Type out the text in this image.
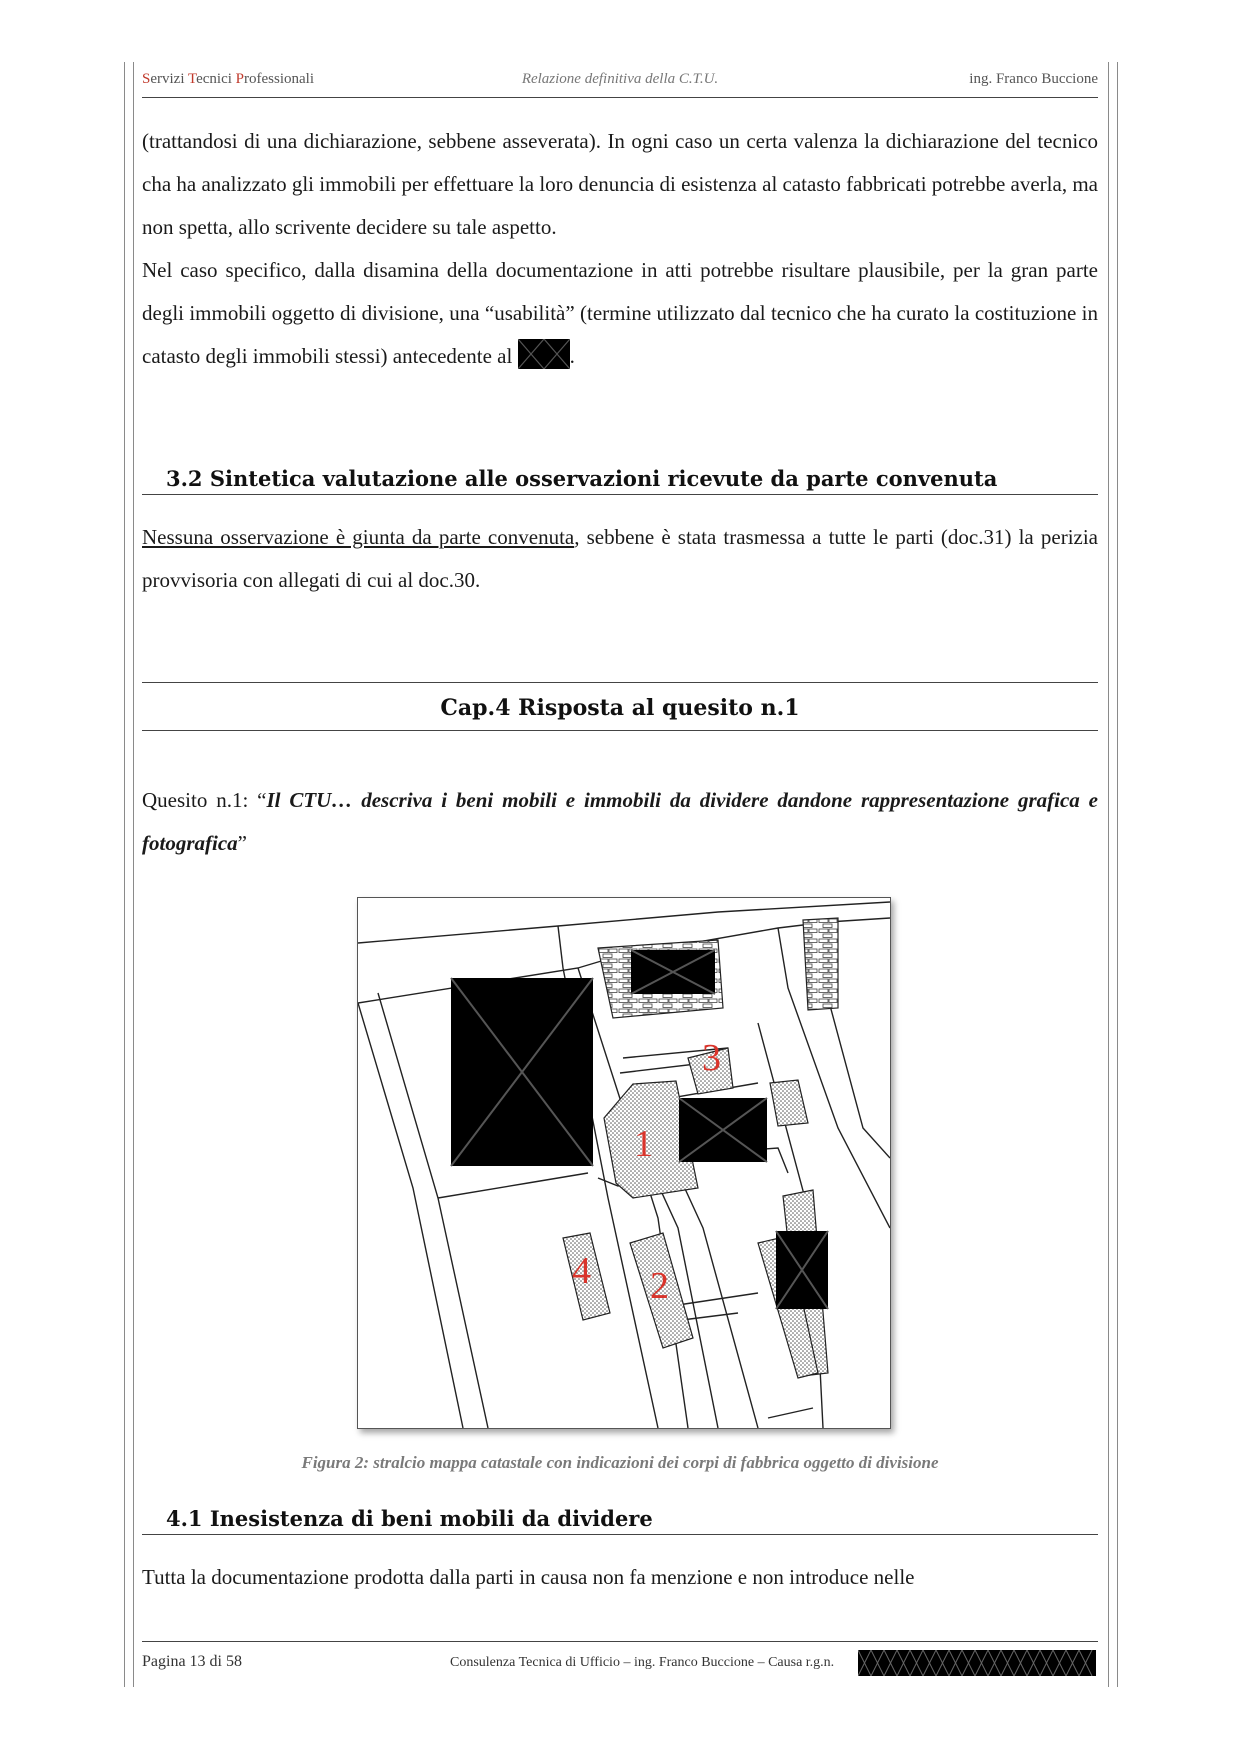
Servizi Tecnici Professionali	Relazione definitiva della C.T.U.	ing. Franco Buccione

(trattandosi di una dichiarazione, sebbene asseverata). In ogni caso un certa valenza la dichiarazione del tecnico cha ha analizzato gli immobili per effettuare la loro denuncia di esistenza al catasto fabbricati potrebbe averla, ma non spetta, allo scrivente decidere su tale aspetto.

Nel caso specifico, dalla disamina della documentazione in atti potrebbe risultare plausibile, per la gran parte degli immobili oggetto di divisione, una “usabilità” (termine utilizzato dal tecnico che ha curato la costituzione in catasto degli immobili stessi) antecedente al	.

3.2 Sintetica valutazione alle osservazioni ricevute da parte convenuta

Nessuna osservazione è giunta da parte convenuta, sebbene è stata trasmessa a tutte le parti (doc.31) la perizia provvisoria con allegati di cui al doc.30.

Cap.4 Risposta al quesito n.1

Quesito n.1: “Il CTU… descriva i beni mobili e immobili da dividere dandone rappresentazione grafica e fotografica”

1
2
3
4
Figura 2: stralcio mappa catastale con indicazioni dei corpi di fabbrica oggetto di divisione
4.1 Inesistenza di beni mobili da dividere

Tutta la documentazione prodotta dalla parti in causa non fa menzione e non introduce nelle

Pagina 13 di 58	Consulenza Tecnica di Ufficio – ing. Franco Buccione – Causa r.g.n.
